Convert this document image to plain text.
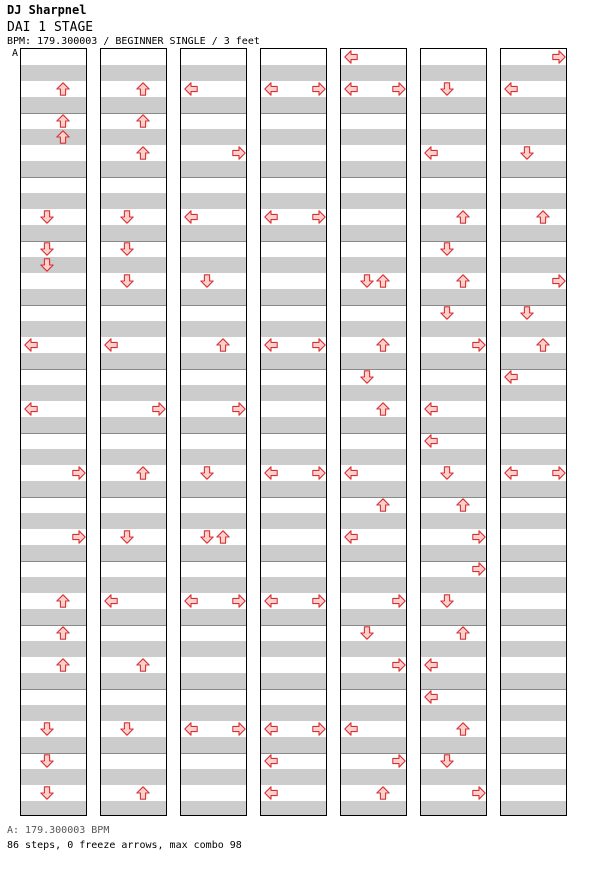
DJ Sharpnel
DAI 1 STAGE
BPM: 179.300003 / BEGINNER SINGLE / 3 feet
A
A: 179.300003 BPM
86 steps, 0 freeze arrows, max combo 98
